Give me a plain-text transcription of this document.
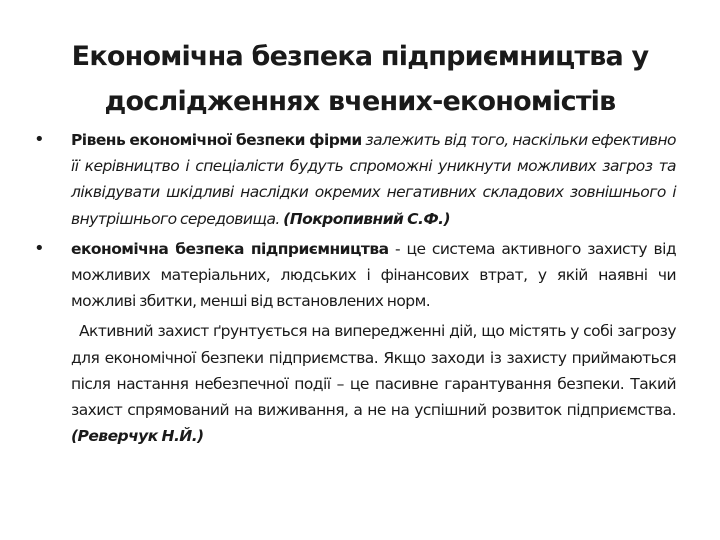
Економічна безпека підприємництва у дослідженнях вчених-економістів

• Рівень економічної безпеки фірми залежить від того, наскільки ефективно її керівництво і спеціалісти будуть спроможні уникнути можливих загроз та ліквідувати шкідливі наслідки окремих негативних складових зовнішнього і внутрішнього середовища. (Покропивний С.Ф.)

• економічна безпека підприємництва - це система активного захисту від можливих матеріальних, людських і фінансових втрат, у якій наявні чи можливі збитки, менші від встановлених норм.

Активний захист ґрунтується на випередженні дій, що містять у собі загрозу для економічної безпеки підприємства. Якщо заходи із захисту приймаються після настання небезпечної події – це пасивне гарантування безпеки. Такий захист спрямований на виживання, а не на успішний розвиток підприємства. (Реверчук Н.Й.)
